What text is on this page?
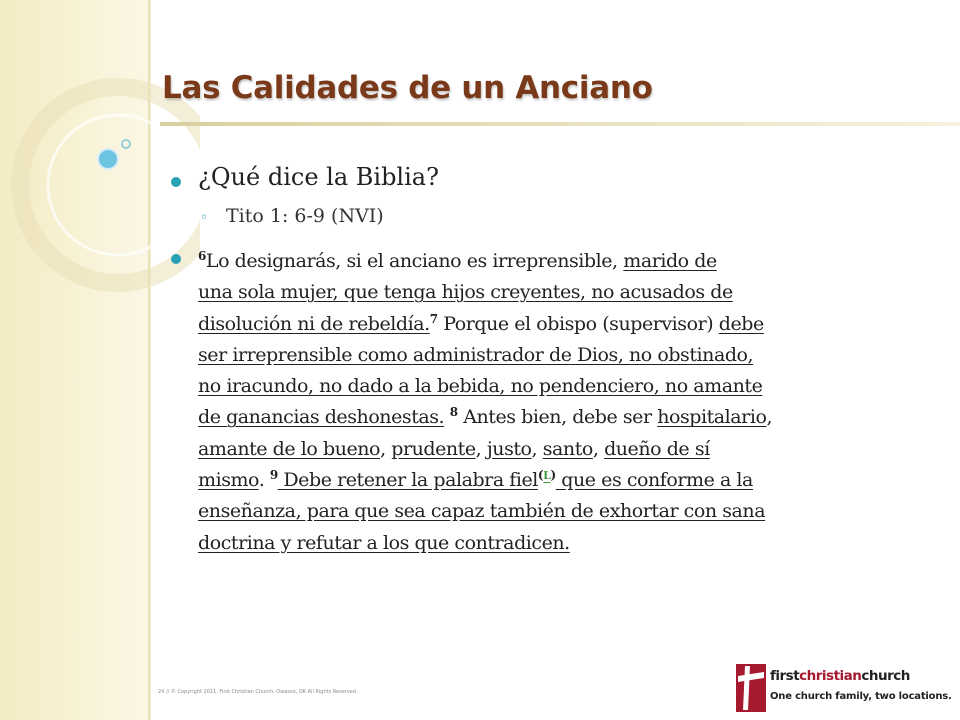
Las Calidades de un Anciano
¿Qué dice la Biblia?
◦ Tito 1: 6-9 (NVI)
$^6$Lo designarás, si el anciano es irreprensible, marido de
una sola mujer, que tenga hijos creyentes, no acusados de
disolución ni de rebeldía.$^7$ Porque el obispo (supervisor) debe
ser irreprensible como administrador de Dios, no obstinado,
no iracundo, no dado a la bebida, no pendenciero, no amante
de ganancias deshonestas. $^8$ Antes bien, debe ser hospitalario,
amante de lo bueno, prudente, justo, santo, dueño de sí
mismo. $^9$ Debe retener la palabra fiel$^{(L)}$ que es conforme a la
enseñanza, para que sea capaz también de exhortar con sana
doctrina y refutar a los que contradicen.
24 // © Copyright 2011, First Christian Church, Owasso, OK All Rights Reserved
firstchristianchurch
One church family, two locations.
